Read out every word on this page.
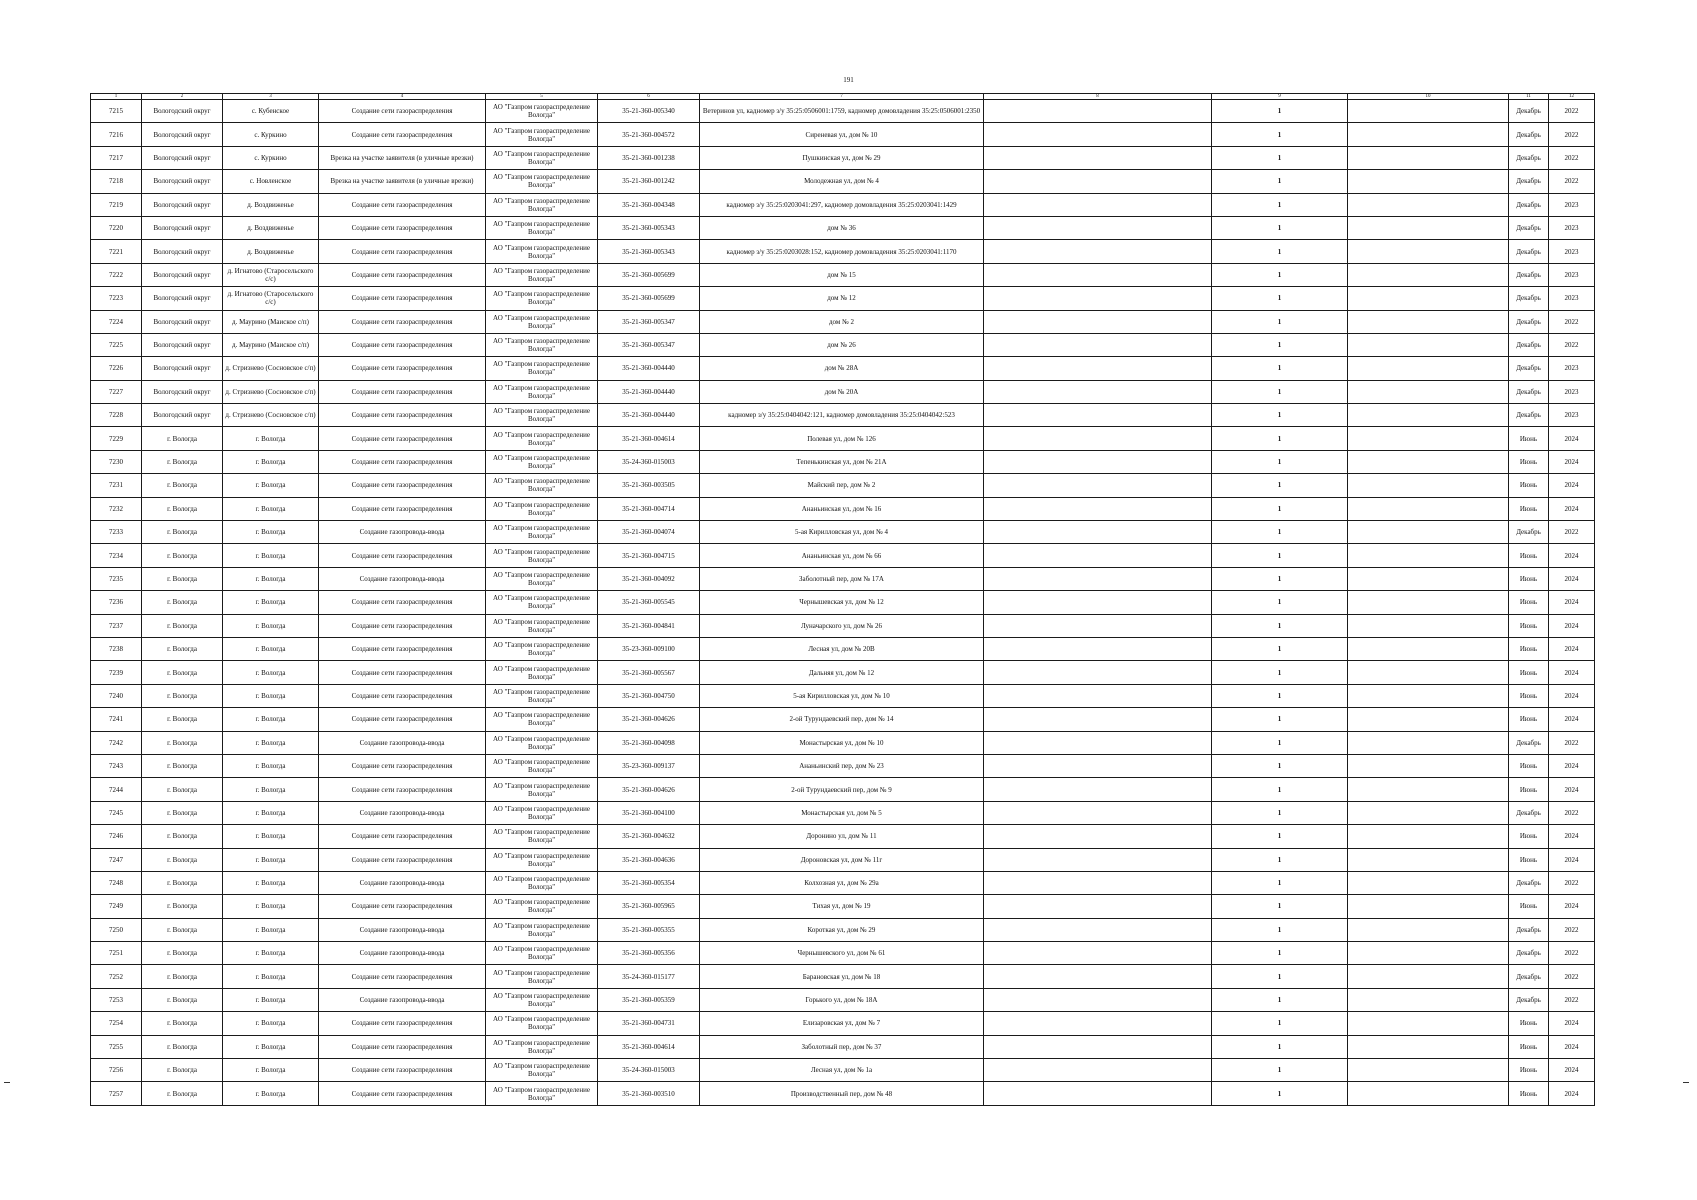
191
1	2	3	4	5	6	7	8	9	10	11	12
7215	Вологодский округ	с. Кубенское	Создание сети газораспределения	АО "Газпром газораспределение Вологда"	35-21-360-005340	Ветеринов ул, кадномер з/у 35:25:0506001:1759, кадномер домовладения 35:25:0506001:2350		1		Декабрь	2022
7216	Вологодский округ	с. Куркино	Создание сети газораспределения	АО "Газпром газораспределение Вологда"	35-21-360-004572	Сиреневая ул, дом № 10		1		Декабрь	2022
7217	Вологодский округ	с. Куркино	Врезка на участке заявителя (в уличные врезки)	АО "Газпром газораспределение Вологда"	35-21-360-001238	Пушкинская ул, дом № 29		1		Декабрь	2022
7218	Вологодский округ	с. Новленское	Врезка на участке заявителя (в уличные врезки)	АО "Газпром газораспределение Вологда"	35-21-360-001242	Молодежная ул, дом № 4		1		Декабрь	2022
7219	Вологодский округ	д. Воздвиженье	Создание сети газораспределения	АО "Газпром газораспределение Вологда"	35-21-360-004348	кадномер з/у 35:25:0203041:297, кадномер домовладения 35:25:0203041:1429		1		Декабрь	2023
7220	Вологодский округ	д. Воздвиженье	Создание сети газораспределения	АО "Газпром газораспределение Вологда"	35-21-360-005343	дом № 36		1		Декабрь	2023
7221	Вологодский округ	д. Воздвиженье	Создание сети газораспределения	АО "Газпром газораспределение Вологда"	35-21-360-005343	кадномер з/у 35:25:0203028:152, кадномер домовладения 35:25:0203041:1170		1		Декабрь	2023
7222	Вологодский округ	д. Игнатово (Старосельского с/с)	Создание сети газораспределения	АО "Газпром газораспределение Вологда"	35-21-360-005699	дом № 15		1		Декабрь	2023
7223	Вологодский округ	д. Игнатово (Старосельского с/с)	Создание сети газораспределения	АО "Газпром газораспределение Вологда"	35-21-360-005699	дом № 12		1		Декабрь	2023
7224	Вологодский округ	д. Маурино (Маиское с/п)	Создание сети газораспределения	АО "Газпром газораспределение Вологда"	35-21-360-005347	дом № 2		1		Декабрь	2022
7225	Вологодский округ	д. Маурино (Маиское с/п)	Создание сети газораспределения	АО "Газпром газораспределение Вологда"	35-21-360-005347	дом № 26		1		Декабрь	2022
7226	Вологодский округ	д. Стризнево (Сосновское с/п)	Создание сети газораспределения	АО "Газпром газораспределение Вологда"	35-21-360-004440	дом № 28А		1		Декабрь	2023
7227	Вологодский округ	д. Стризнево (Сосновское с/п)	Создание сети газораспределения	АО "Газпром газораспределение Вологда"	35-21-360-004440	дом № 20А		1		Декабрь	2023
7228	Вологодский округ	д. Стризнево (Сосновское с/п)	Создание сети газораспределения	АО "Газпром газораспределение Вологда"	35-21-360-004440	кадномер з/у 35:25:0404042:121, кадномер домовладения 35:25:0404042:523		1		Декабрь	2023
7229	г. Вологда	г. Вологда	Создание сети газораспределения	АО "Газпром газораспределение Вологда"	35-21-360-004614	Полевая ул, дом № 126		1		Июнь	2024
7230	г. Вологда	г. Вологда	Создание сети газораспределения	АО "Газпром газораспределение Вологда"	35-24-360-015003	Тепенькинская ул, дом № 21А		1		Июнь	2024
7231	г. Вологда	г. Вологда	Создание сети газораспределения	АО "Газпром газораспределение Вологда"	35-21-360-003505	Майский пер, дом № 2		1		Июнь	2024
7232	г. Вологда	г. Вологда	Создание сети газораспределения	АО "Газпром газораспределение Вологда"	35-21-360-004714	Ананьинская ул, дом № 16		1		Июнь	2024
7233	г. Вологда	г. Вологда	Создание газопровода-ввода	АО "Газпром газораспределение Вологда"	35-21-360-004074	5-ая Кирилловская ул, дом № 4		1		Декабрь	2022
7234	г. Вологда	г. Вологда	Создание сети газораспределения	АО "Газпром газораспределение Вологда"	35-21-360-004715	Ананьинская ул, дом № 66		1		Июнь	2024
7235	г. Вологда	г. Вологда	Создание газопровода-ввода	АО "Газпром газораспределение Вологда"	35-21-360-004092	Заболотный пер, дом № 17А		1		Июнь	2024
7236	г. Вологда	г. Вологда	Создание сети газораспределения	АО "Газпром газораспределение Вологда"	35-21-360-005545	Чернышевская ул, дом № 12		1		Июнь	2024
7237	г. Вологда	г. Вологда	Создание сети газораспределения	АО "Газпром газораспределение Вологда"	35-21-360-004841	Луначарского ул, дом № 26		1		Июнь	2024
7238	г. Вологда	г. Вологда	Создание сети газораспределения	АО "Газпром газораспределение Вологда"	35-23-360-009100	Лесная ул, дом № 20В		1		Июнь	2024
7239	г. Вологда	г. Вологда	Создание сети газораспределения	АО "Газпром газораспределение Вологда"	35-21-360-005567	Дальняя ул, дом № 12		1		Июнь	2024
7240	г. Вологда	г. Вологда	Создание сети газораспределения	АО "Газпром газораспределение Вологда"	35-21-360-004750	5-ая Кирилловская ул, дом № 10		1		Июнь	2024
7241	г. Вологда	г. Вологда	Создание сети газораспределения	АО "Газпром газораспределение Вологда"	35-21-360-004626	2-ой Турундаевский пер, дом № 14		1		Июнь	2024
7242	г. Вологда	г. Вологда	Создание газопровода-ввода	АО "Газпром газораспределение Вологда"	35-21-360-004098	Монастырская ул, дом № 10		1		Декабрь	2022
7243	г. Вологда	г. Вологда	Создание сети газораспределения	АО "Газпром газораспределение Вологда"	35-23-360-009137	Ананьинский пер, дом № 23		1		Июнь	2024
7244	г. Вологда	г. Вологда	Создание сети газораспределения	АО "Газпром газораспределение Вологда"	35-21-360-004626	2-ой Турундаевский пер, дом № 9		1		Июнь	2024
7245	г. Вологда	г. Вологда	Создание газопровода-ввода	АО "Газпром газораспределение Вологда"	35-21-360-004100	Монастырская ул, дом № 5		1		Декабрь	2022
7246	г. Вологда	г. Вологда	Создание сети газораспределения	АО "Газпром газораспределение Вологда"	35-21-360-004632	Доронино ул, дом № 11		1		Июнь	2024
7247	г. Вологда	г. Вологда	Создание сети газораспределения	АО "Газпром газораспределение Вологда"	35-21-360-004636	Дороновская ул, дом № 11г		1		Июнь	2024
7248	г. Вологда	г. Вологда	Создание газопровода-ввода	АО "Газпром газораспределение Вологда"	35-21-360-005354	Колхозная ул, дом № 29а		1		Декабрь	2022
7249	г. Вологда	г. Вологда	Создание сети газораспределения	АО "Газпром газораспределение Вологда"	35-21-360-005965	Тихая ул, дом № 19		1		Июнь	2024
7250	г. Вологда	г. Вологда	Создание газопровода-ввода	АО "Газпром газораспределение Вологда"	35-21-360-005355	Короткая ул, дом № 29		1		Декабрь	2022
7251	г. Вологда	г. Вологда	Создание газопровода-ввода	АО "Газпром газораспределение Вологда"	35-21-360-005356	Чернышевского ул, дом № 61		1		Декабрь	2022
7252	г. Вологда	г. Вологда	Создание сети газораспределения	АО "Газпром газораспределение Вологда"	35-24-360-015177	Барановская ул, дом № 18		1		Декабрь	2022
7253	г. Вологда	г. Вологда	Создание газопровода-ввода	АО "Газпром газораспределение Вологда"	35-21-360-005359	Горького ул, дом № 18А		1		Декабрь	2022
7254	г. Вологда	г. Вологда	Создание сети газораспределения	АО "Газпром газораспределение Вологда"	35-21-360-004731	Елизаровская ул, дом № 7		1		Июнь	2024
7255	г. Вологда	г. Вологда	Создание сети газораспределения	АО "Газпром газораспределение Вологда"	35-21-360-004614	Заболотный пер, дом № 37		1		Июнь	2024
7256	г. Вологда	г. Вологда	Создание сети газораспределения	АО "Газпром газораспределение Вологда"	35-24-360-015003	Лесная ул, дом № 1а		1		Июнь	2024
7257	г. Вологда	г. Вологда	Создание сети газораспределения	АО "Газпром газораспределение Вологда"	35-21-360-003510	Производственный пер, дом № 48		1		Июнь	2024
